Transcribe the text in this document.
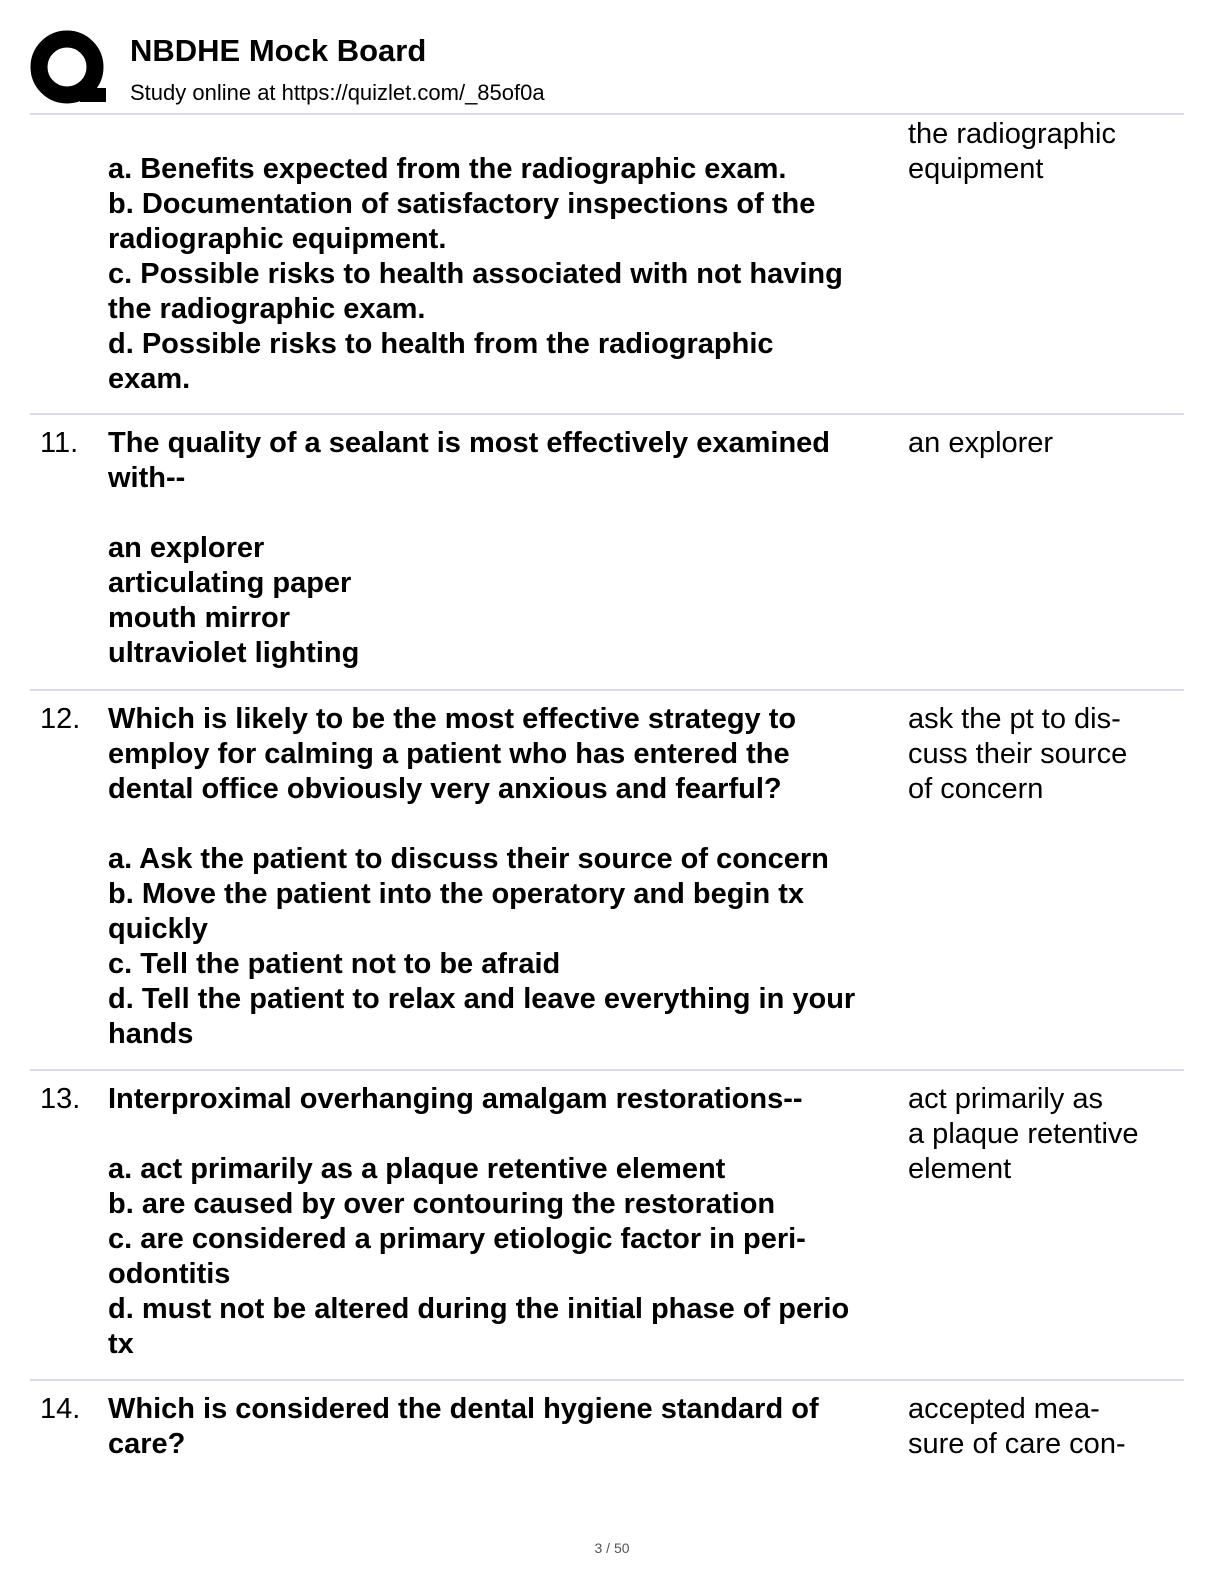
NBDHE Mock Board
Study online at https://quizlet.com/_85of0a
a. Benefits expected from the radiographic exam.
b. Documentation of satisfactory inspections of the
radiographic equipment.
c. Possible risks to health associated with not having
the radiographic exam.
d. Possible risks to health from the radiographic
exam.
the radiographic
equipment
11. The quality of a sealant is most effectively examined
with--
an explorer
articulating paper
mouth mirror
ultraviolet lighting
an explorer
12. Which is likely to be the most effective strategy to
employ for calming a patient who has entered the
dental office obviously very anxious and fearful?
a. Ask the patient to discuss their source of concern
b. Move the patient into the operatory and begin tx
quickly
c. Tell the patient not to be afraid
d. Tell the patient to relax and leave everything in your
hands
ask the pt to dis-
cuss their source
of concern
13. Interproximal overhanging amalgam restorations--
a. act primarily as a plaque retentive element
b. are caused by over contouring the restoration
c. are considered a primary etiologic factor in peri-
odontitis
d. must not be altered during the initial phase of perio
tx
act primarily as
a plaque retentive
element
14. Which is considered the dental hygiene standard of
care?
accepted mea-
sure of care con-
3 / 50
